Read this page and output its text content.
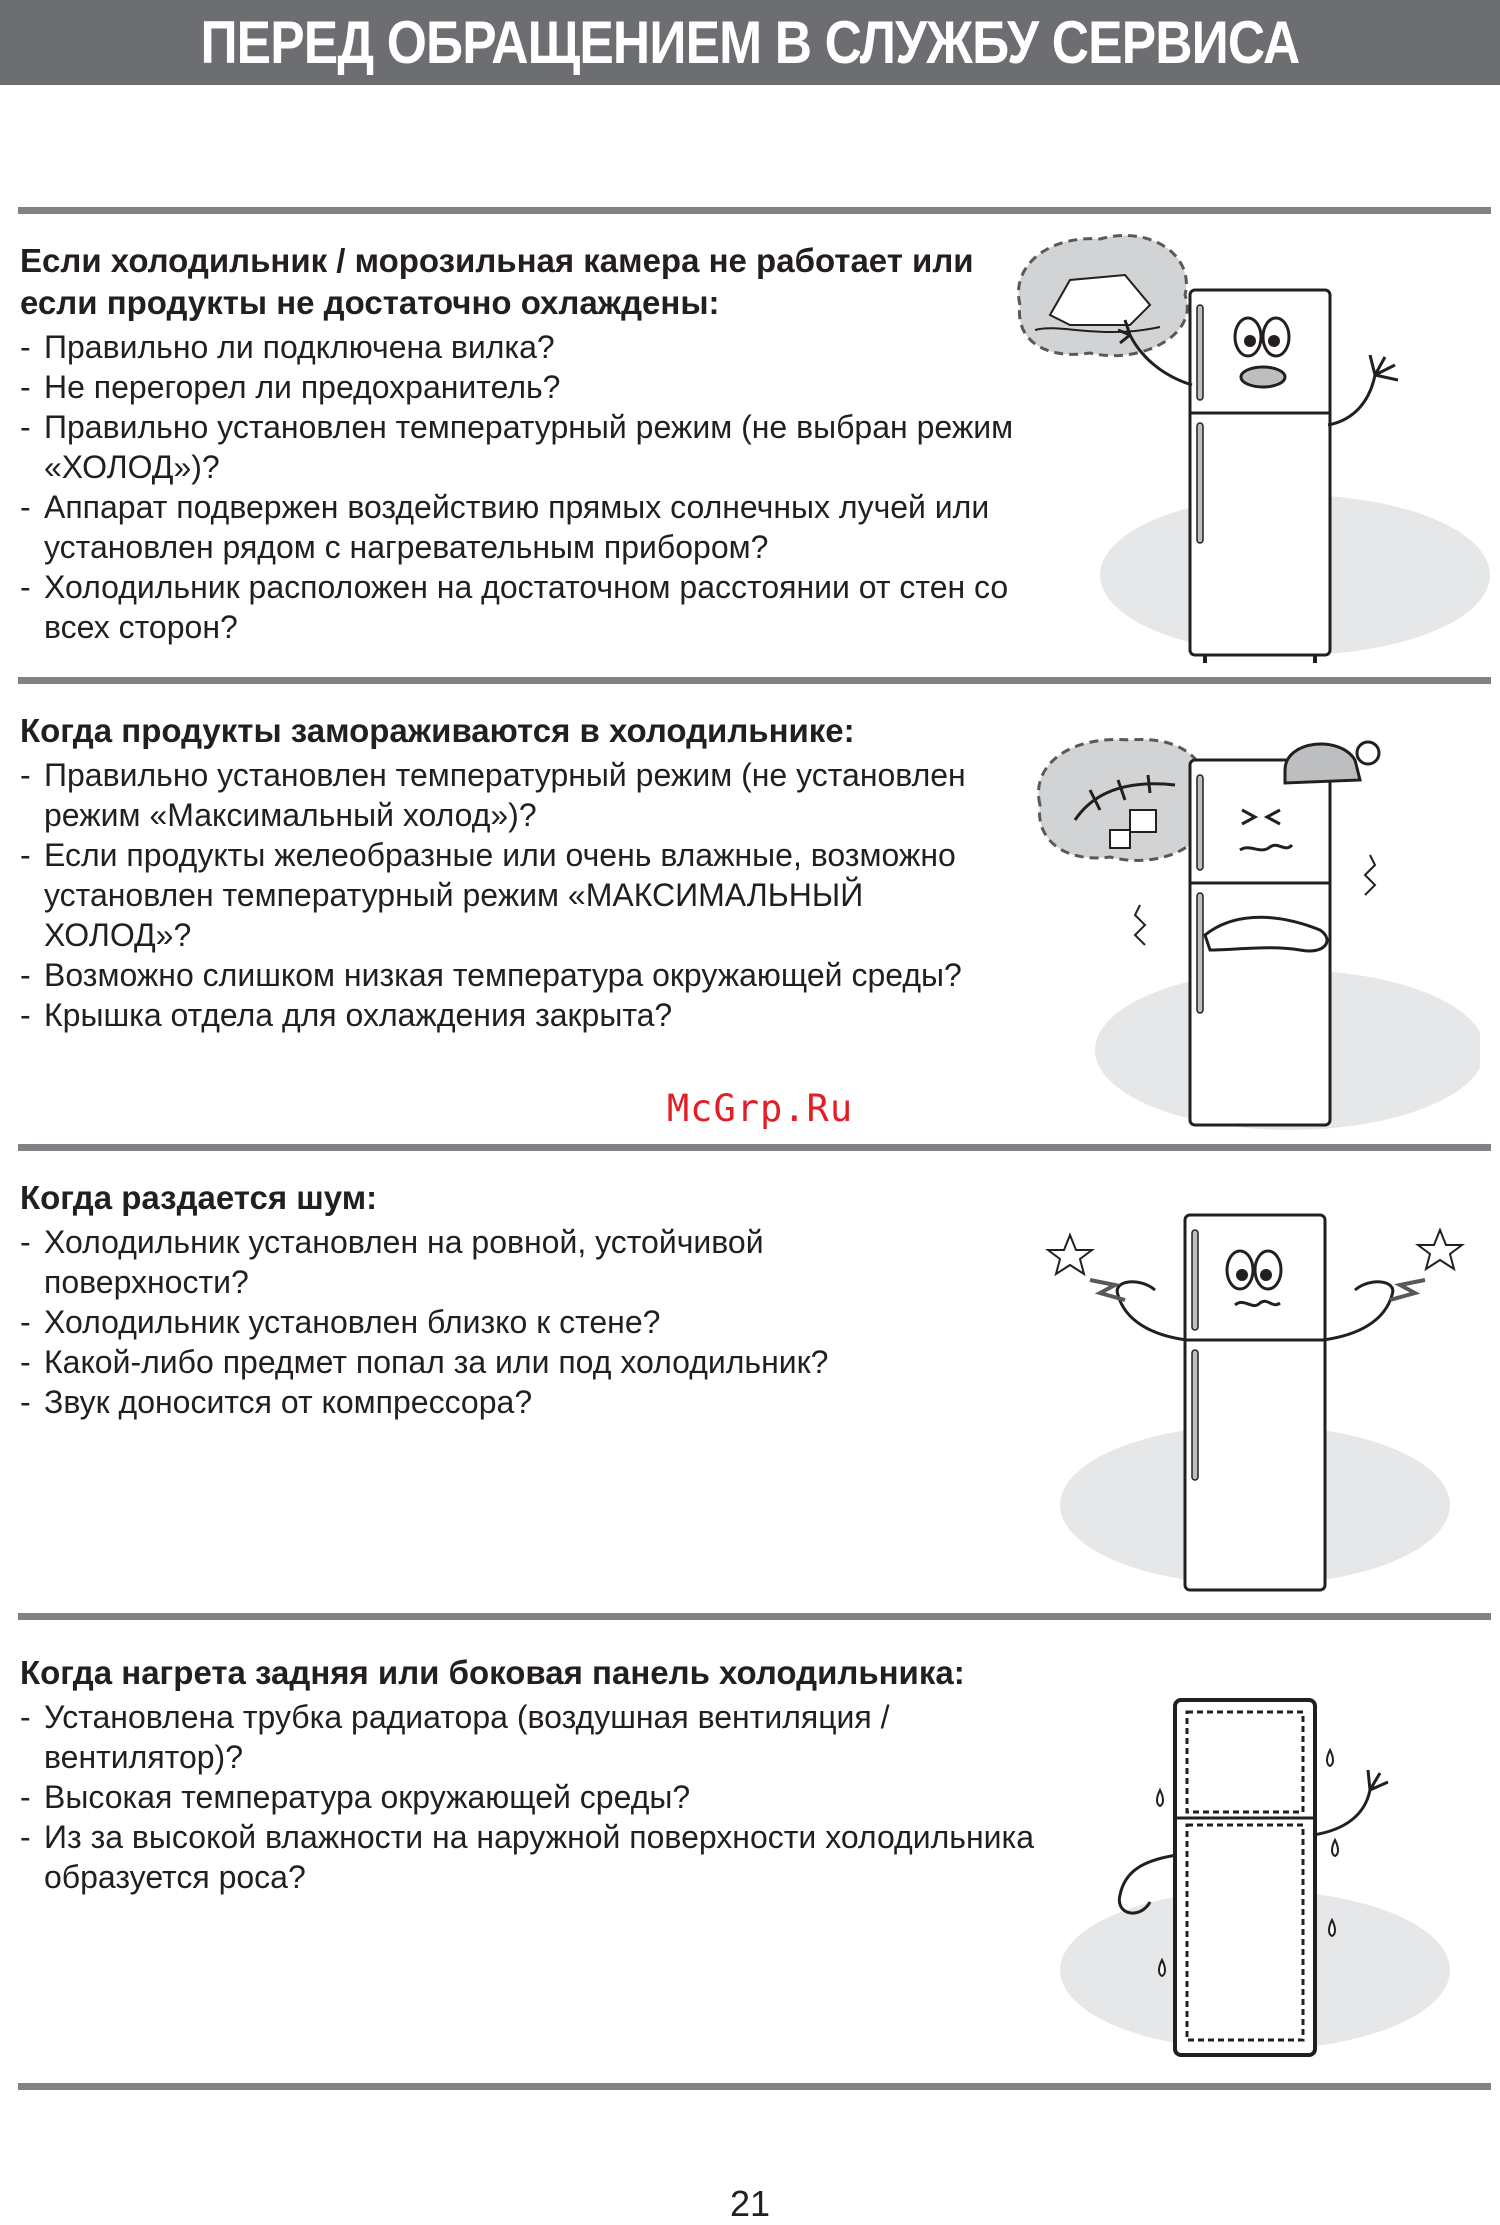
ПЕРЕД ОБРАЩЕНИЕМ В СЛУЖБУ СЕРВИСА
Если холодильник / морозильная камера не работает или если продукты не достаточно охлаждены:
- Правильно ли подключена вилка?
- Не перегорел ли предохранитель?
- Правильно установлен температурный режим (не выбран режим «ХОЛОД»)?
- Аппарат подвержен воздействию прямых солнечных лучей или установлен рядом с нагревательным прибором?
- Холодильник расположен на достаточном расстоянии от стен со всех сторон?
Когда продукты замораживаются в холодильнике:
- Правильно установлен температурный режим (не установлен режим «Максимальный холод»)?
- Если продукты желеобразные или очень влажные, возможно установлен температурный режим «МАКСИМАЛЬНЫЙ ХОЛОД»?
- Возможно слишком низкая температура окружающей среды?
- Крышка отдела для охлаждения закрыта?
Когда раздается шум:
- Холодильник установлен на ровной, устойчивой поверхности?
- Холодильник установлен близко к стене?
- Какой-либо предмет попал за или под холодильник?
- Звук доносится от компрессора?
Когда нагрета задняя или боковая панель холодильника:
- Установлена трубка радиатора (воздушная вентиляция / вентилятор)?
- Высокая температура окружающей среды?
- Из за высокой влажности на наружной поверхности холодильника образуется роса?
McGrp.Ru
21
